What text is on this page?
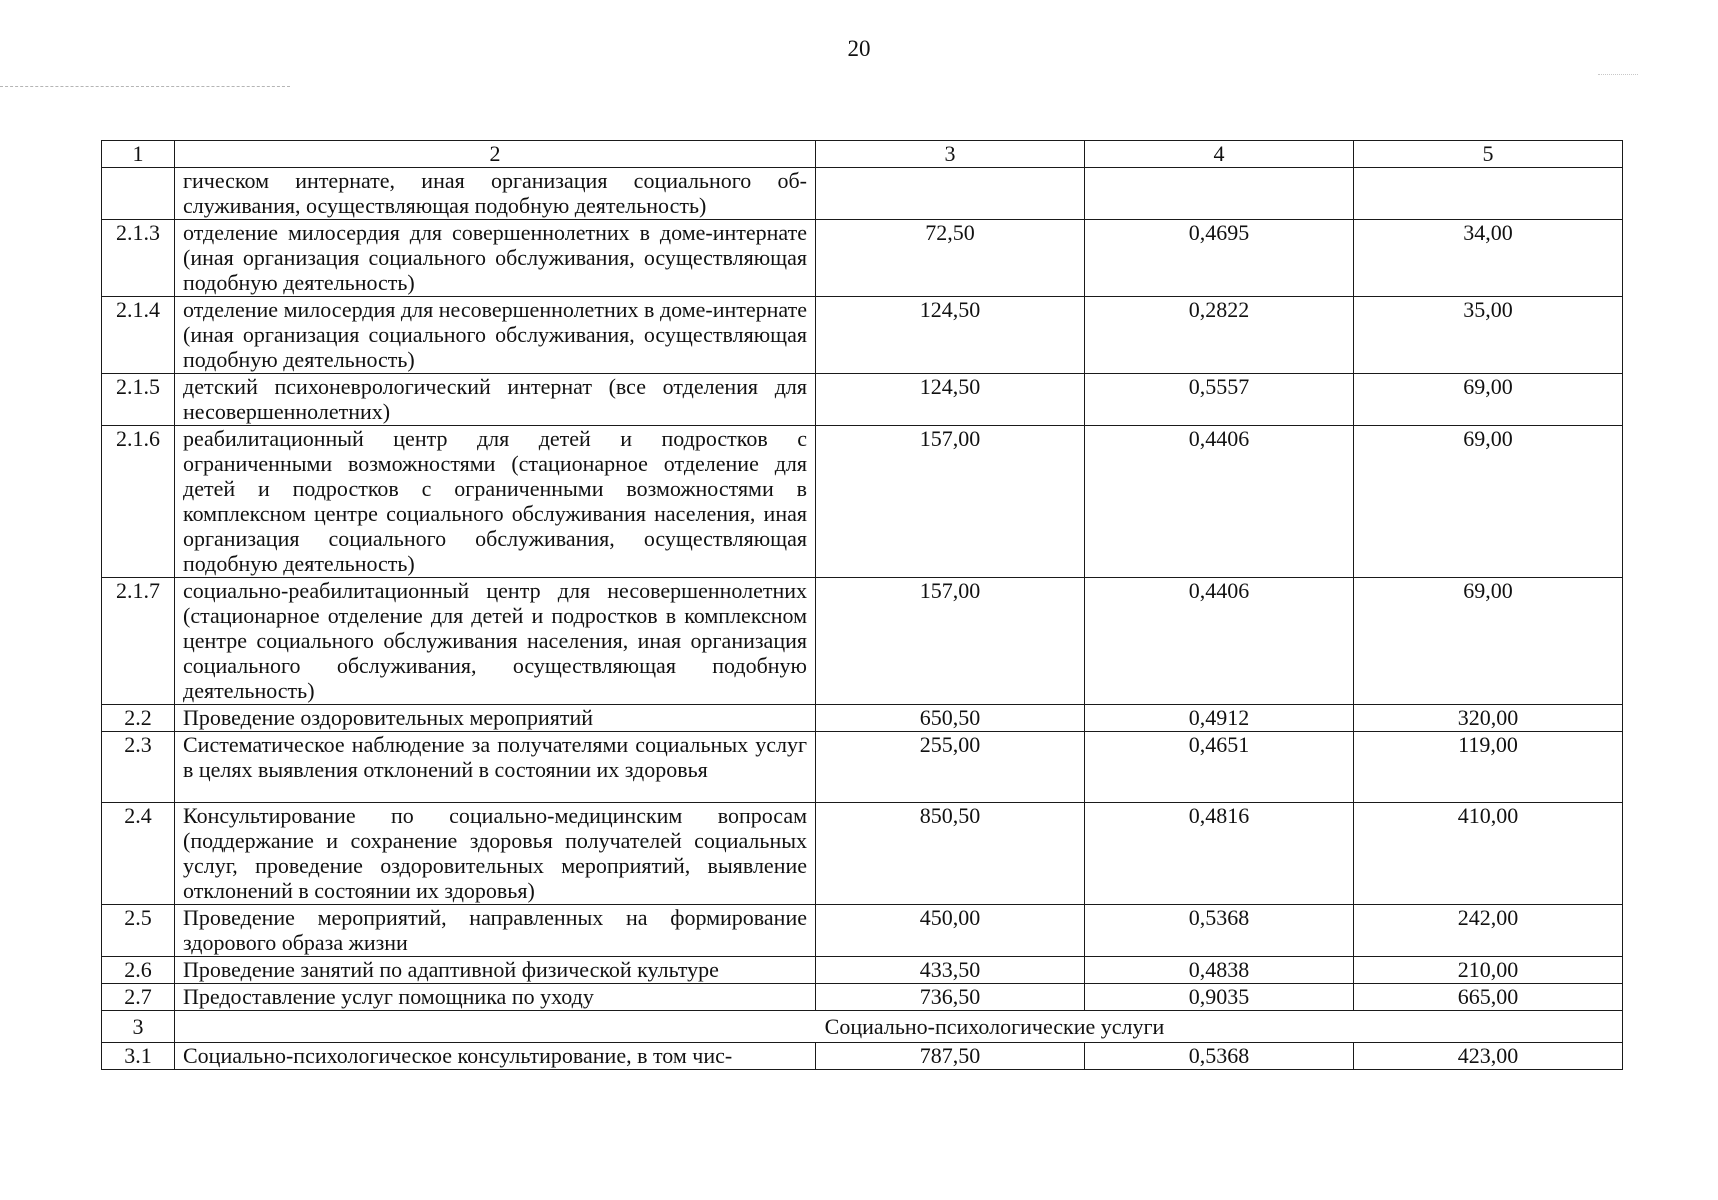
20
1	2	3	4	5
	гическом интернате, иная организация социального об-служивания, осуществляющая подобную деятельность)			
2.1.3	отделение милосердия для совершеннолетних в доме-интернате (иная организация социального обслуживания, осуществляющая подобную деятельность)	72,50	0,4695	34,00
2.1.4	отделение милосердия для несовершеннолетних в доме-интернате (иная организация социального обслуживания, осуществляющая подобную деятельность)	124,50	0,2822	35,00
2.1.5	детский психоневрологический интернат (все отделения для несовершеннолетних)	124,50	0,5557	69,00
2.1.6	реабилитационный центр для детей и подростков с ограниченными возможностями (стационарное отделение для детей и подростков с ограниченными возможностями в комплексном центре социального обслуживания населения, иная организация социального обслуживания, осуществляющая подобную деятельность)	157,00	0,4406	69,00
2.1.7	социально-реабилитационный центр для несовершеннолетних (стационарное отделение для детей и подростков в комплексном центре социального обслуживания населения, иная организация социального обслуживания, осуществляющая подобную деятельность)	157,00	0,4406	69,00
2.2	Проведение оздоровительных мероприятий	650,50	0,4912	320,00
2.3	Систематическое наблюдение за получателями социальных услуг в целях выявления отклонений в состоянии их здоровья	255,00	0,4651	119,00
2.4	Консультирование по социально-медицинским вопросам (поддержание и сохранение здоровья получателей социальных услуг, проведение оздоровительных мероприятий, выявление отклонений в состоянии их здоровья)	850,50	0,4816	410,00
2.5	Проведение мероприятий, направленных на формирование здорового образа жизни	450,00	0,5368	242,00
2.6	Проведение занятий по адаптивной физической культуре	433,50	0,4838	210,00
2.7	Предоставление услуг помощника по уходу	736,50	0,9035	665,00
3	Социально-психологические услуги			
3.1	Социально-психологическое консультирование, в том чис-	787,50	0,5368	423,00
